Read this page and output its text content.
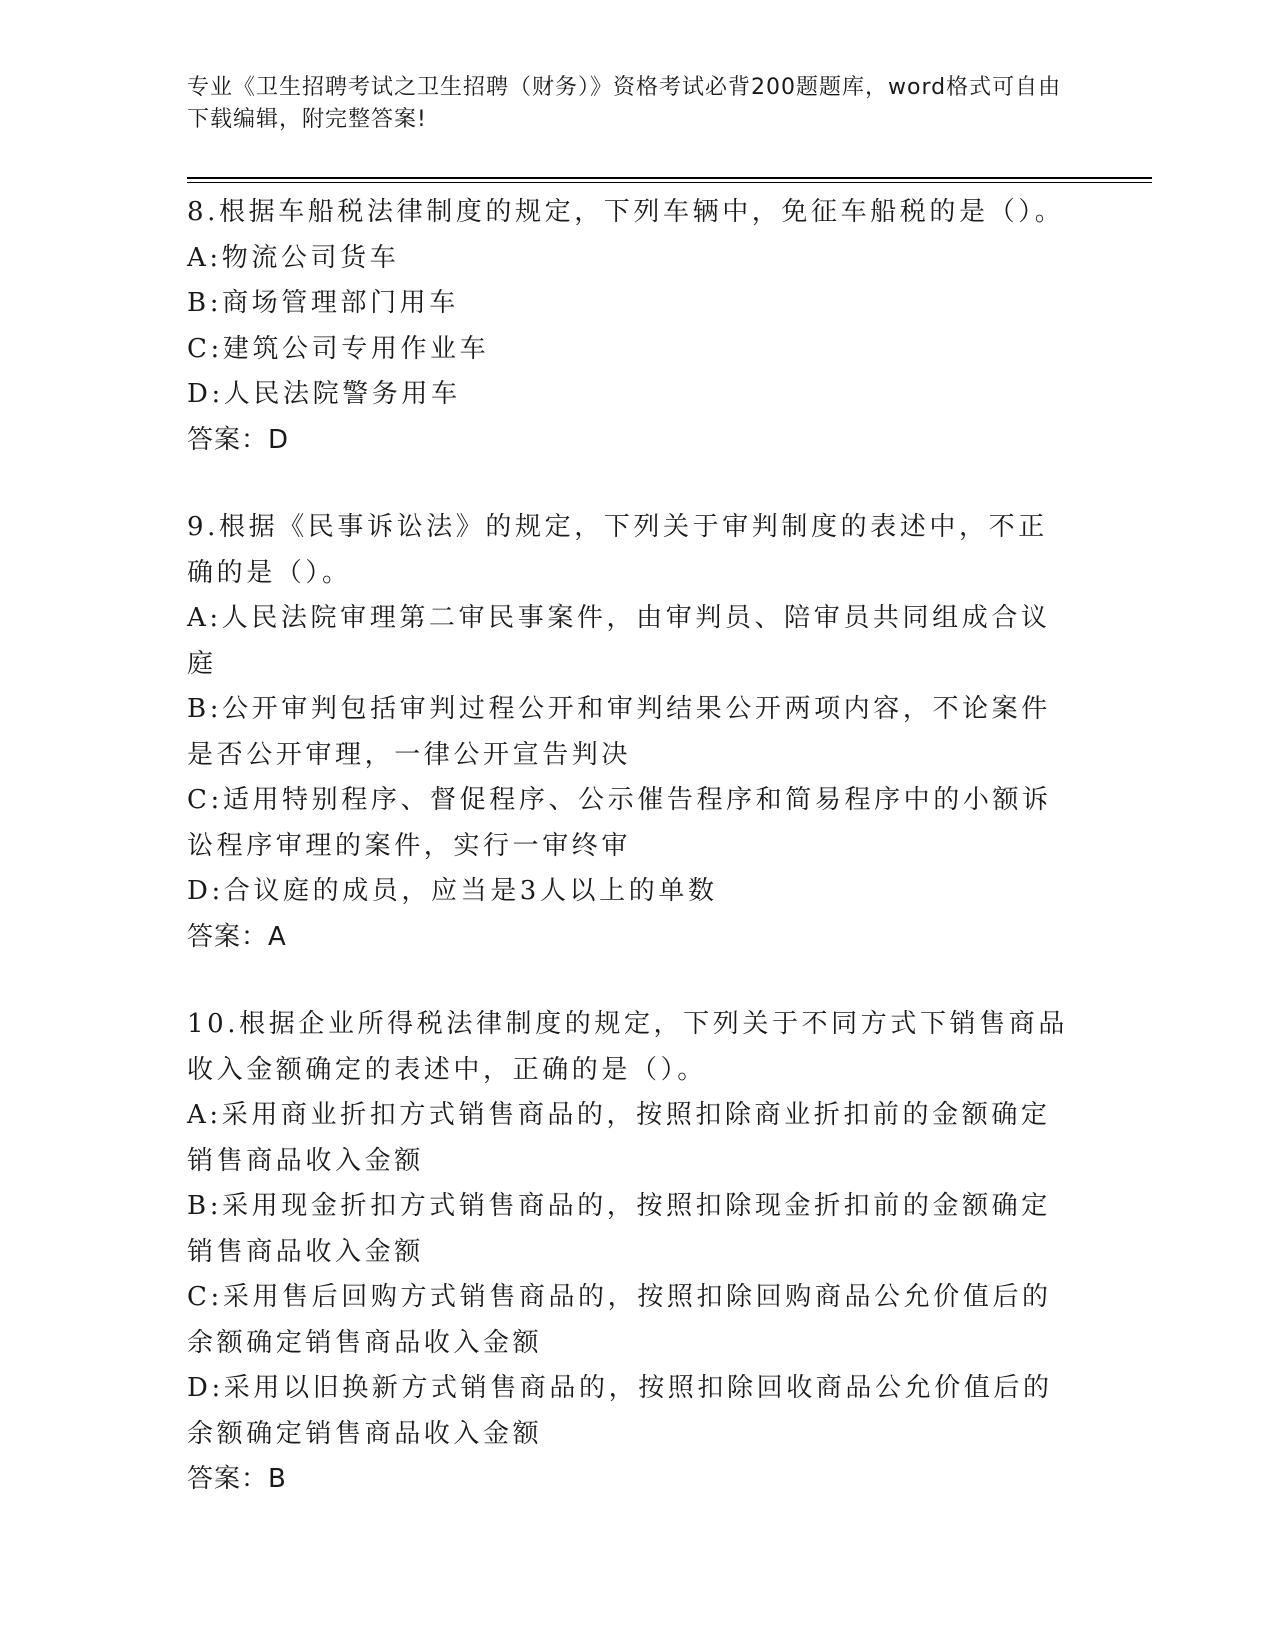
专业《卫生招聘考试之卫生招聘（财务）》资格考试必背200题题库，word格式可自由下载编辑，附完整答案!
8.根据车船税法律制度的规定，下列车辆中，免征车船税的是（）。
A:物流公司货车
B:商场管理部门用车
C:建筑公司专用作业车
D:人民法院警务用车
答案：D
9.根据《民事诉讼法》的规定，下列关于审判制度的表述中，不正确的是（）。
A:人民法院审理第二审民事案件，由审判员、陪审员共同组成合议庭
B:公开审判包括审判过程公开和审判结果公开两项内容，不论案件是否公开审理，一律公开宣告判决
C:适用特别程序、督促程序、公示催告程序和简易程序中的小额诉讼程序审理的案件，实行一审终审
D:合议庭的成员，应当是3人以上的单数
答案：A
10.根据企业所得税法律制度的规定，下列关于不同方式下销售商品收入金额确定的表述中，正确的是（）。
A:采用商业折扣方式销售商品的，按照扣除商业折扣前的金额确定销售商品收入金额
B:采用现金折扣方式销售商品的，按照扣除现金折扣前的金额确定销售商品收入金额
C:采用售后回购方式销售商品的，按照扣除回购商品公允价值后的余额确定销售商品收入金额
D:采用以旧换新方式销售商品的，按照扣除回收商品公允价值后的余额确定销售商品收入金额
答案：B
